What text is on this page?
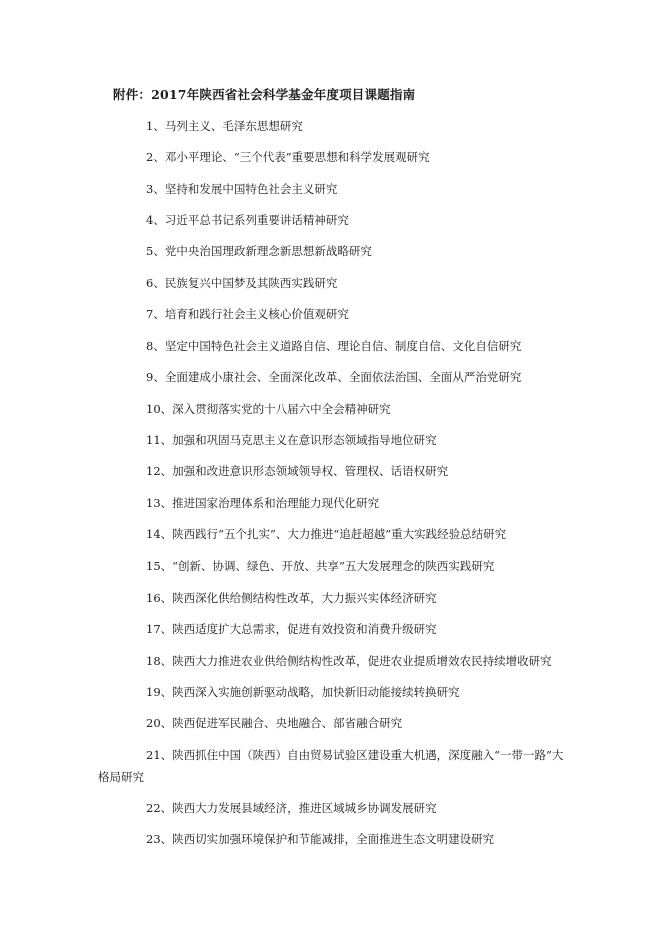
附件：2017年陕西省社会科学基金年度项目课题指南
1、马列主义、毛泽东思想研究
2、邓小平理论、“三个代表”重要思想和科学发展观研究
3、坚持和发展中国特色社会主义研究
4、习近平总书记系列重要讲话精神研究
5、党中央治国理政新理念新思想新战略研究
6、民族复兴中国梦及其陕西实践研究
7、培育和践行社会主义核心价值观研究
8、坚定中国特色社会主义道路自信、理论自信、制度自信、文化自信研究
9、全面建成小康社会、全面深化改革、全面依法治国、全面从严治党研究
10、深入贯彻落实党的十八届六中全会精神研究
11、加强和巩固马克思主义在意识形态领域指导地位研究
12、加强和改进意识形态领域领导权、管理权、话语权研究
13、推进国家治理体系和治理能力现代化研究
14、陕西践行“五个扎实”、大力推进“追赶超越”重大实践经验总结研究
15、“创新、协调、绿色、开放、共享”五大发展理念的陕西实践研究
16、陕西深化供给侧结构性改革，大力振兴实体经济研究
17、陕西适度扩大总需求，促进有效投资和消费升级研究
18、陕西大力推进农业供给侧结构性改革，促进农业提质增效农民持续增收研究
19、陕西深入实施创新驱动战略，加快新旧动能接续转换研究
20、陕西促进军民融合、央地融合、部省融合研究
21、陕西抓住中国（陕西）自由贸易试验区建设重大机遇，深度融入“一带一路”大格局研究
22、陕西大力发展县域经济，推进区域城乡协调发展研究
23、陕西切实加强环境保护和节能减排，全面推进生态文明建设研究
